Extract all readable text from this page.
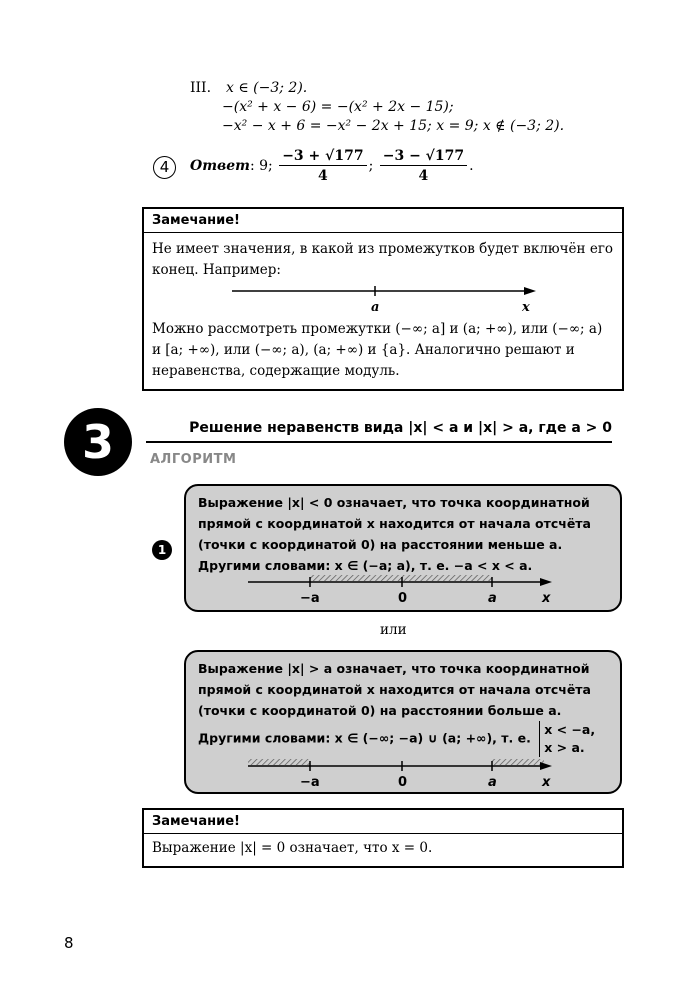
III. x ∈ (−3; 2).
−(x² + x − 6) = −(x² + 2x − 15);
−x² − x + 6 = −x² − 2x + 15; x = 9; x ∉ (−3; 2).
4	Ответ: 9; $\frac{-3 + √177}{4}$ ; $\frac{-3 - √177}{4}$ .
Замечание!
Не имеет значения, в какой из промежутков будет включён его конец. Например:
a	x
Можно рассмотреть промежутки (−∞; a] и (a; +∞), или (−∞; a) и [a; +∞), или (−∞; a), (a; +∞) и {a}. Аналогично решают и неравенства, содержащие модуль.
3	Решение неравенств вида |x| < a и |x| > a, где a > 0
АЛГОРИТМ
1
Выражение |x| < 0 означает, что точка координатной прямой с координатой x находится от начала отсчёта (точки с координатой 0) на расстоянии меньше a. Другими словами: x ∈ (−a; a), т. е. −a < x < a.
−a	0	a	x
или
Выражение |x| > a означает, что точка координатной прямой с координатой x находится от начала отсчёта (точки с координатой 0) на расстоянии больше a. Другими словами: x ∈ (−∞; −a) ∪ (a; +∞), т. е.
x < −a,
x > a.
−a	0	a	x
Замечание!
Выражение |x| = 0 означает, что x = 0.
8
